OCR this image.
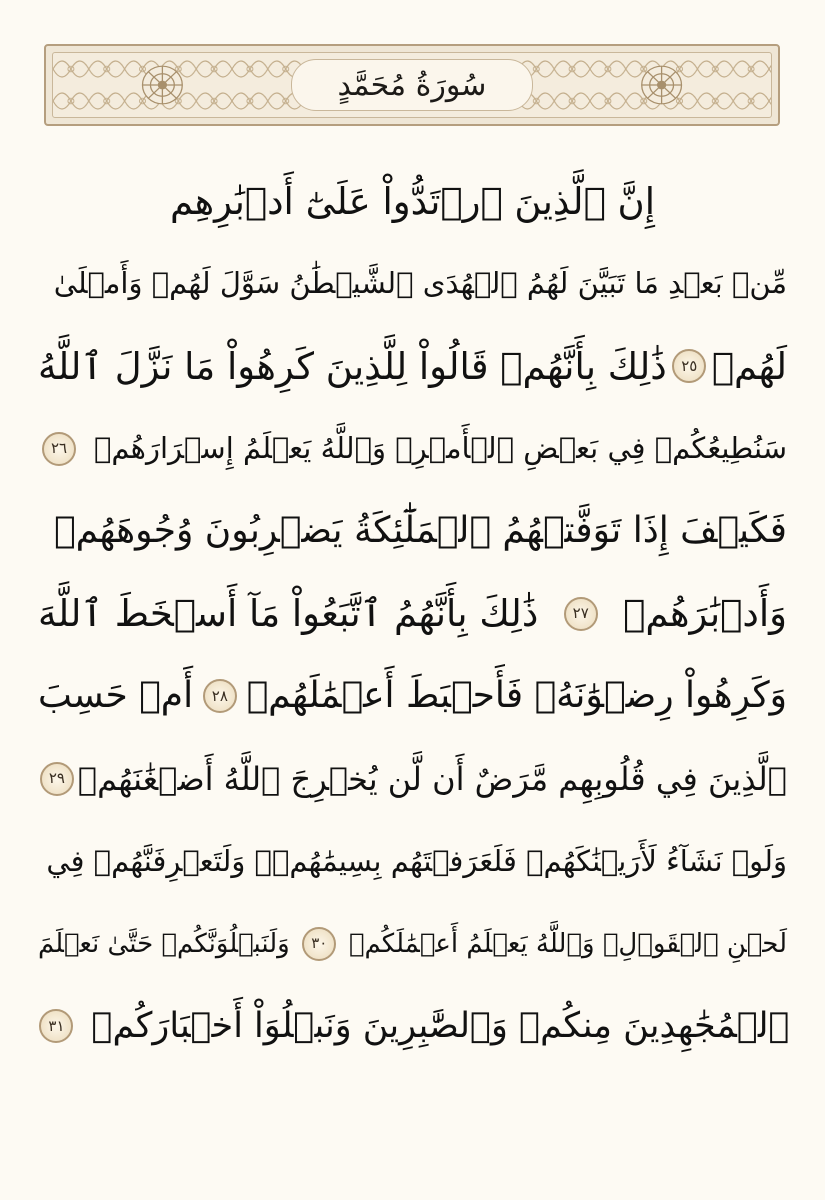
سُورَةُ مُحَمَّدٍ
إِنَّ ٱلَّذِينَ ٱرۡتَدُّواْ عَلَىٰٓ أَدۡبَٰرِهِم
مِّنۢ بَعۡدِ مَا تَبَيَّنَ لَهُمُ ٱلۡهُدَى ٱلشَّيۡطَٰنُ سَوَّلَ لَهُمۡ وَأَمۡلَىٰ
لَهُمۡ
٢٥
ذَٰلِكَ بِأَنَّهُمۡ قَالُواْ لِلَّذِينَ كَرِهُواْ مَا نَزَّلَ ٱللَّهُ
سَنُطِيعُكُمۡ فِي بَعۡضِ ٱلۡأَمۡرِۖ وَٱللَّهُ يَعۡلَمُ إِسۡرَارَهُمۡ
٢٦
فَكَيۡفَ إِذَا تَوَفَّتۡهُمُ ٱلۡمَلَٰٓئِكَةُ يَضۡرِبُونَ وُجُوهَهُمۡ
وَأَدۡبَٰرَهُمۡ
٢٧
ذَٰلِكَ بِأَنَّهُمُ ٱتَّبَعُواْ مَآ أَسۡخَطَ ٱللَّهَ
وَكَرِهُواْ رِضۡوَٰنَهُۥ فَأَحۡبَطَ أَعۡمَٰلَهُمۡ
٢٨
أَمۡ حَسِبَ
ٱلَّذِينَ فِي قُلُوبِهِم مَّرَضٌ أَن لَّن يُخۡرِجَ ٱللَّهُ أَضۡغَٰنَهُمۡ
٢٩
وَلَوۡ نَشَآءُ لَأَرَيۡنَٰكَهُمۡ فَلَعَرَفۡتَهُم بِسِيمَٰهُمۡۚ وَلَتَعۡرِفَنَّهُمۡ فِي
لَحۡنِ ٱلۡقَوۡلِۚ وَٱللَّهُ يَعۡلَمُ أَعۡمَٰلَكُمۡ
٣٠
وَلَنَبۡلُوَنَّكُمۡ حَتَّىٰ نَعۡلَمَ
ٱلۡمُجَٰهِدِينَ مِنكُمۡ وَٱلصَّٰبِرِينَ وَنَبۡلُوَاْ أَخۡبَارَكُمۡ
٣١
